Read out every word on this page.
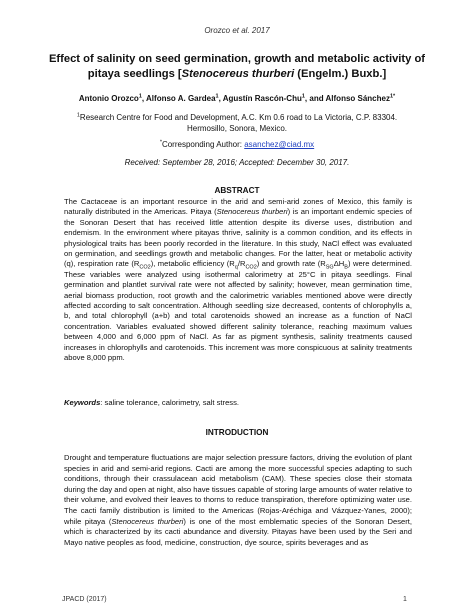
Orozco et al. 2017
Effect of salinity on seed germination, growth and metabolic activity of pitaya seedlings [Stenocereus thurberi (Engelm.) Buxb.]
Antonio Orozco$^1$, Alfonso A. Gardea$^1$, Agustín Rascón-Chu$^1$, and Alfonso Sánchez$^{1*}$
$^1$Research Centre for Food and Development, A.C. Km 0.6 road to La Victoria, C.P. 83304.
Hermosillo, Sonora, Mexico.
*Corresponding Author: asanchez@ciad.mx
Received: September 28, 2016; Accepted: December 30, 2017.
ABSTRACT
The Cactaceae is an important resource in the arid and semi-arid zones of Mexico, this family is naturally distributed in the Americas. Pitaya (Stenocereus thurberi) is an important endemic species of the Sonoran Desert that has received little attention despite its diverse uses, distribution and endemism. In the environment where pitayas thrive, salinity is a common condition, and its effects in physiological traits has been poorly recorded in the literature. In this study, NaCl effect was evaluated on germination, and seedlings growth and metabolic changes. For the latter, heat or metabolic activity (q), respiration rate $(R_{CO2})$, metabolic efficiency $(R_q/R_{CO2})$ and growth rate $(R_{SG}\Delta H_B)$ were determined. These variables were analyzed using isothermal calorimetry at 25°C in pitaya seedlings. Final germination and plantlet survival rate were not affected by salinity; however, mean germination time, aerial biomass production, root growth and the calorimetric variables mentioned above were directly affected according to salt concentration. Although seedling size decreased, contents of chlorophylls a, b, and total chlorophyll (a+b) and total carotenoids showed an increase as a function of NaCl concentration. Variables evaluated showed different salinity tolerance, reaching maximum values between 4,000 and 6,000 ppm of NaCl. As far as pigment synthesis, salinity treatments caused increases in chlorophylls and carotenoids. This increment was more conspicuous at salinity treatments above 8,000 ppm.
Keywords: saline tolerance, calorimetry, salt stress.
INTRODUCTION
Drought and temperature fluctuations are major selection pressure factors, driving the evolution of plant species in arid and semi-arid regions. Cacti are among the more successful species adapting to such conditions, through their crassulacean acid metabolism (CAM). These species close their stomata during the day and open at night, also have tissues capable of storing large amounts of water relative to their volume, and evolved their leaves to thorns to reduce transpiration, therefore optimizing water use. The cacti family distribution is limited to the Americas (Rojas-Aréchiga and Vázquez-Yanes, 2000); while pitaya (Stenocereus thurberi) is one of the most emblematic species of the Sonoran Desert, which is characterized by its cacti abundance and diversity. Pitayas have been used by the Seri and Mayo native peoples as food, medicine, construction, dye source, spirits beverages and as
JPACD (2017)	1
